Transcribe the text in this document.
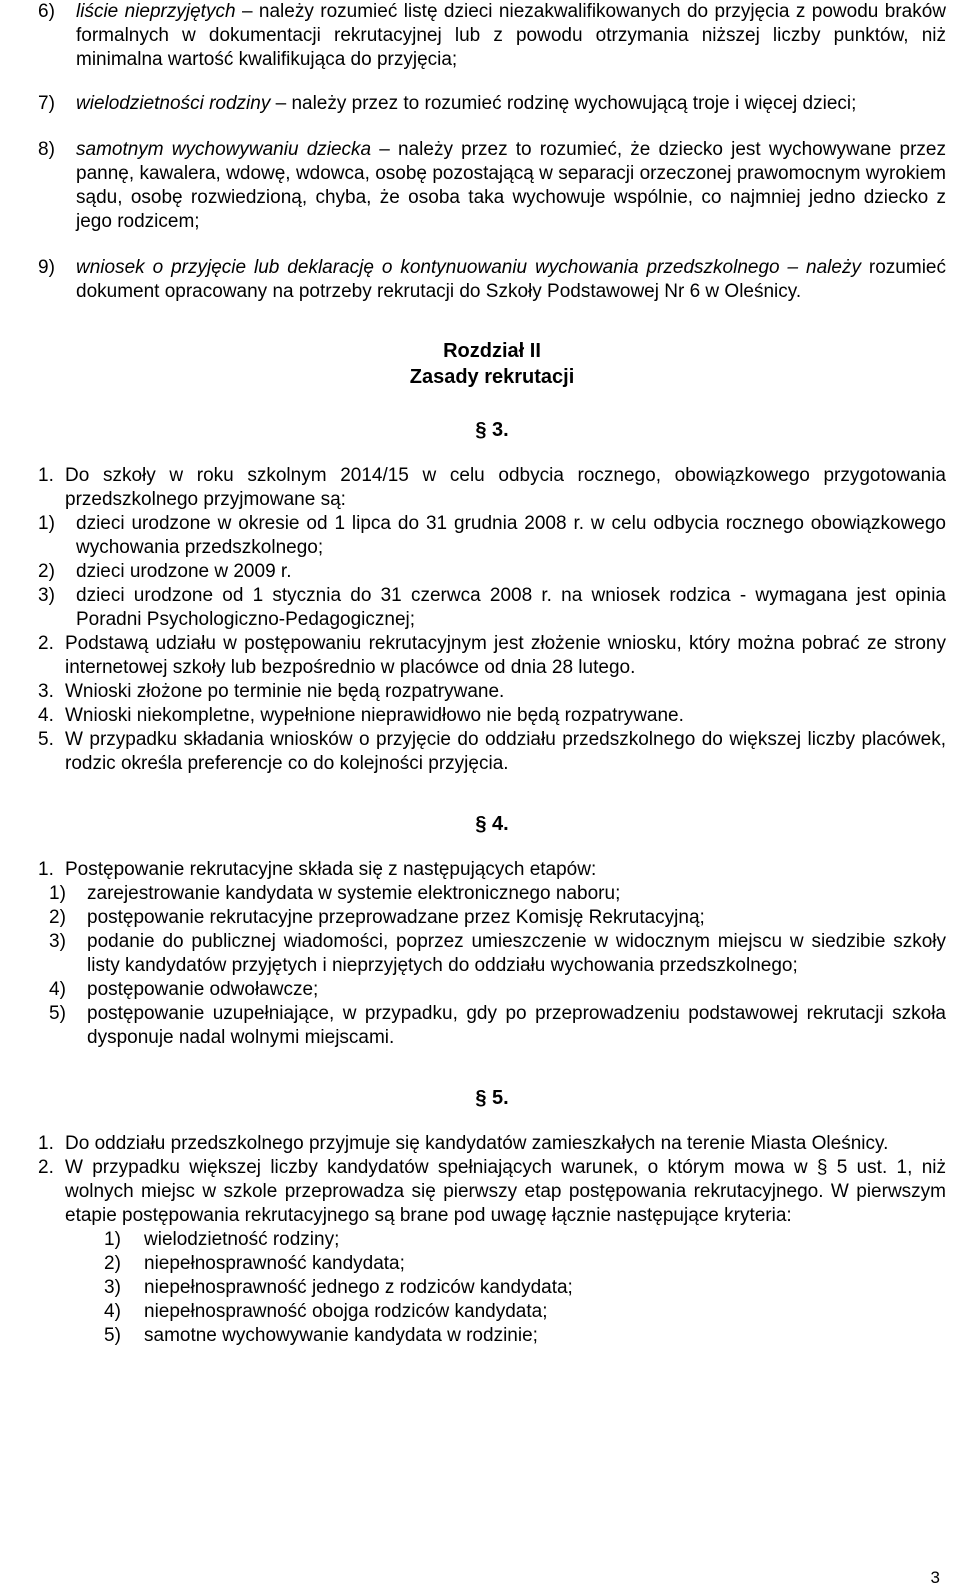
6) liście nieprzyjętych – należy rozumieć listę dzieci niezakwalifikowanych do przyjęcia z powodu braków formalnych w dokumentacji rekrutacyjnej lub z powodu otrzymania niższej liczby punktów, niż minimalna wartość kwalifikująca do przyjęcia;

7) wielodzietności rodziny – należy przez to rozumieć rodzinę wychowującą troje i więcej dzieci;

8) samotnym wychowywaniu dziecka – należy przez to rozumieć, że dziecko jest wychowywane przez pannę, kawalera, wdowę, wdowca, osobę pozostającą w separacji orzeczonej prawomocnym wyrokiem sądu, osobę rozwiedzioną, chyba, że osoba taka wychowuje wspólnie, co najmniej jedno dziecko z jego rodzicem;

9) wniosek o przyjęcie lub deklarację o kontynuowaniu wychowania przedszkolnego – należy rozumieć dokument opracowany na potrzeby rekrutacji do Szkoły Podstawowej Nr 6 w Oleśnicy.

Rozdział II

Zasady rekrutacji

§ 3.

1. Do szkoły w roku szkolnym 2014/15 w celu odbycia rocznego, obowiązkowego przygotowania przedszkolnego przyjmowane są:
1) dzieci urodzone w okresie od 1 lipca do 31 grudnia 2008 r. w celu odbycia rocznego obowiązkowego wychowania przedszkolnego;
2) dzieci urodzone w 2009 r.
3) dzieci urodzone od 1 stycznia do 31 czerwca 2008 r. na wniosek rodzica - wymagana jest opinia Poradni Psychologiczno-Pedagogicznej;
2. Podstawą udziału w postępowaniu rekrutacyjnym jest złożenie wniosku, który można pobrać ze strony internetowej szkoły lub bezpośrednio w placówce od dnia 28 lutego.
3. Wnioski złożone po terminie nie będą rozpatrywane.
4. Wnioski niekompletne, wypełnione nieprawidłowo nie będą rozpatrywane.
5. W przypadku składania wniosków o przyjęcie do oddziału przedszkolnego do większej liczby placówek, rodzic określa preferencje co do kolejności przyjęcia.

§ 4.

1. Postępowanie rekrutacyjne składa się z następujących etapów:
1) zarejestrowanie kandydata w systemie elektronicznego naboru;
2) postępowanie rekrutacyjne przeprowadzane przez Komisję Rekrutacyjną;
3) podanie do publicznej wiadomości, poprzez umieszczenie w widocznym miejscu w siedzibie szkoły listy kandydatów przyjętych i nieprzyjętych do oddziału wychowania przedszkolnego;
4) postępowanie odwoławcze;
5) postępowanie uzupełniające, w przypadku, gdy po przeprowadzeniu podstawowej rekrutacji szkoła dysponuje nadal wolnymi miejscami.

§ 5.

1. Do oddziału przedszkolnego przyjmuje się kandydatów zamieszkałych na terenie Miasta Oleśnicy.
2. W przypadku większej liczby kandydatów spełniających warunek, o którym mowa w § 5 ust. 1, niż wolnych miejsc w szkole przeprowadza się pierwszy etap postępowania rekrutacyjnego. W pierwszym etapie postępowania rekrutacyjnego są brane pod uwagę łącznie następujące kryteria:
1) wielodzietność rodziny;
2) niepełnosprawność kandydata;
3) niepełnosprawność jednego z rodziców kandydata;
4) niepełnosprawność obojga rodziców kandydata;
5) samotne wychowywanie kandydata w rodzinie;
3
